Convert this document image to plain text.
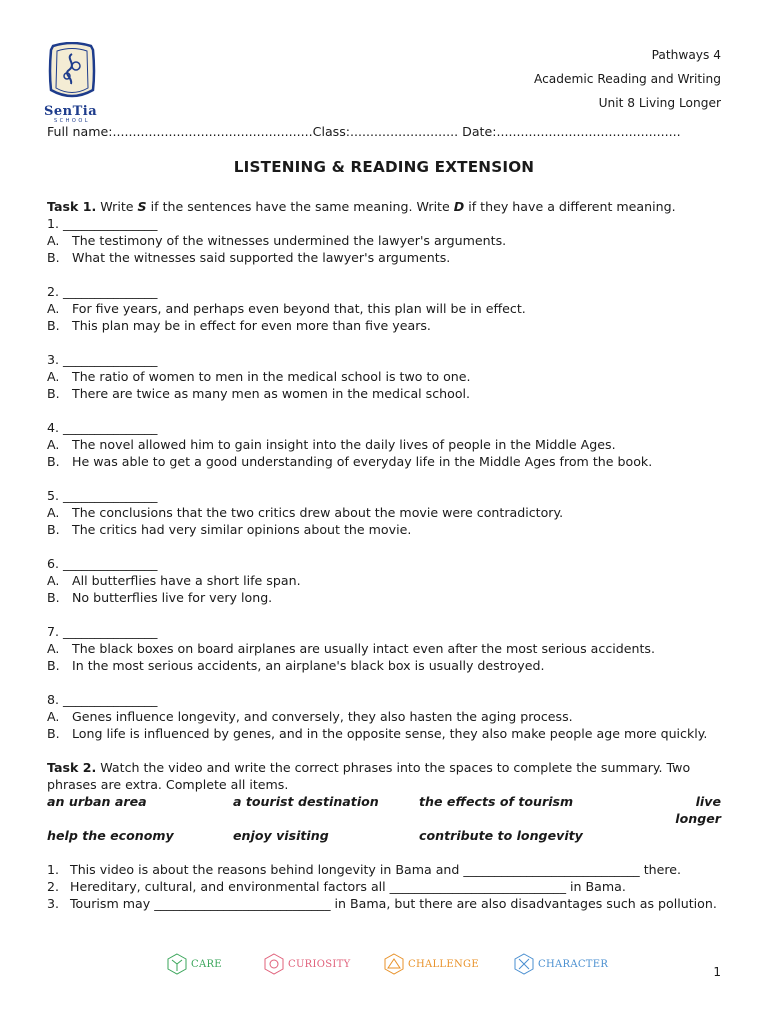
SenTia
SCHOOL
Pathways 4
Academic Reading and Writing
Unit 8 Living Longer
Full name:..................................................Class:........................... Date:..............................................
LISTENING & READING EXTENSION
Task 1. Write S if the sentences have the same meaning. Write D if they have a different meaning.
1. _______________
A. The testimony of the witnesses undermined the lawyer's arguments.
B. What the witnesses said supported the lawyer's arguments.
2. _______________
A. For five years, and perhaps even beyond that, this plan will be in effect.
B. This plan may be in effect for even more than five years.
3. _______________
A. The ratio of women to men in the medical school is two to one.
B. There are twice as many men as women in the medical school.
4. _______________
A. The novel allowed him to gain insight into the daily lives of people in the Middle Ages.
B. He was able to get a good understanding of everyday life in the Middle Ages from the book.
5. _______________
A. The conclusions that the two critics drew about the movie were contradictory.
B. The critics had very similar opinions about the movie.
6. _______________
A. All butterflies have a short life span.
B. No butterflies live for very long.
7. _______________
A. The black boxes on board airplanes are usually intact even after the most serious accidents.
B. In the most serious accidents, an airplane's black box is usually destroyed.
8. _______________
A. Genes influence longevity, and conversely, they also hasten the aging process.
B. Long life is influenced by genes, and in the opposite sense, they also make people age more quickly.
Task 2. Watch the video and write the correct phrases into the spaces to complete the summary. Two phrases are extra. Complete all items.
an urban area	a tourist destination	the effects of tourism	live longer
help the economy	enjoy visiting	contribute to longevity
1. This video is about the reasons behind longevity in Bama and ____________________________ there.
2. Hereditary, cultural, and environmental factors all ____________________________ in Bama.
3. Tourism may ____________________________ in Bama, but there are also disadvantages such as pollution.
CARE	CURIOSITY	CHALLENGE	CHARACTER
1
